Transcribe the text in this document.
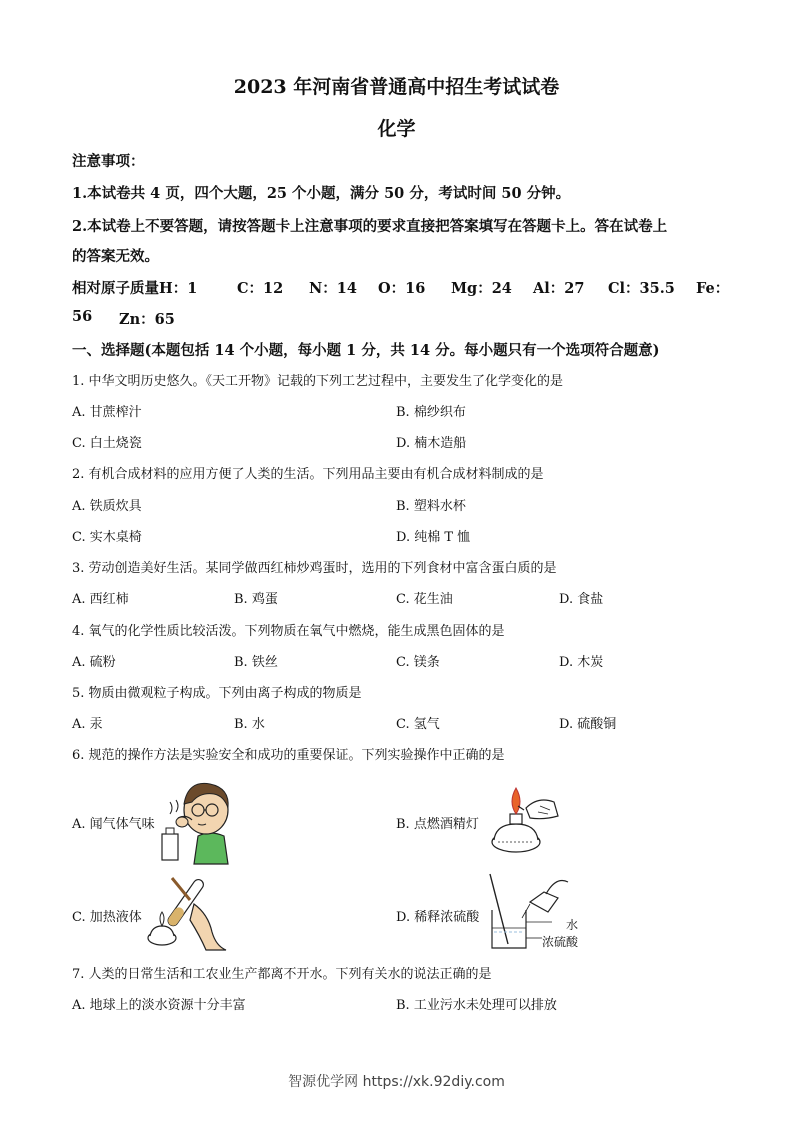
2023 年河南省普通高中招生考试试卷
化学
注意事项：
1.本试卷共 4 页，四个大题，25 个小题，满分 50 分，考试时间 50 分钟。
2.本试卷上不要答题，请按答题卡上注意事项的要求直接把答案填写在答题卡上。答在试卷上
的答案无效。
相对原子质量 H：1	C：12 N：14 O：16 Mg：24 Al：27 Cl：35.5 Fe：
56 Zn：65
一、选择题(本题包括 14 个小题，每小题 1 分，共 14 分。每小题只有一个选项符合题意)
1. 中华文明历史悠久。《天工开物》记载的下列工艺过程中，主要发生了化学变化的是
A. 甘蔗榨汁	B. 棉纱织布
C. 白土烧瓷	D. 楠木造船
2. 有机合成材料的应用方便了人类的生活。下列用品主要由有机合成材料制成的是
A. 铁质炊具	B. 塑料水杯
C. 实木桌椅	D. 纯棉 T 恤
3. 劳动创造美好生活。某同学做西红柿炒鸡蛋时，选用的下列食材中富含蛋白质的是
A. 西红柿	B. 鸡蛋	C. 花生油	D. 食盐
4. 氧气的化学性质比较活泼。下列物质在氧气中燃烧，能生成黑色固体的是
A. 硫粉	B. 铁丝	C. 镁条	D. 木炭
5. 物质由微观粒子构成。下列由离子构成的物质是
A. 汞	B. 水	C. 氢气	D. 硫酸铜
6. 规范的操作方法是实验安全和成功的重要保证。下列实验操作中正确的是
A. 闻气体气味	B. 点燃酒精灯
C. 加热液体	D. 稀释浓硫酸	水
浓硫酸
7. 人类的日常生活和工农业生产都离不开水。下列有关水的说法正确的是
A. 地球上的淡水资源十分丰富	B. 工业污水未处理可以排放
智源优学网 https://xk.92diy.com
